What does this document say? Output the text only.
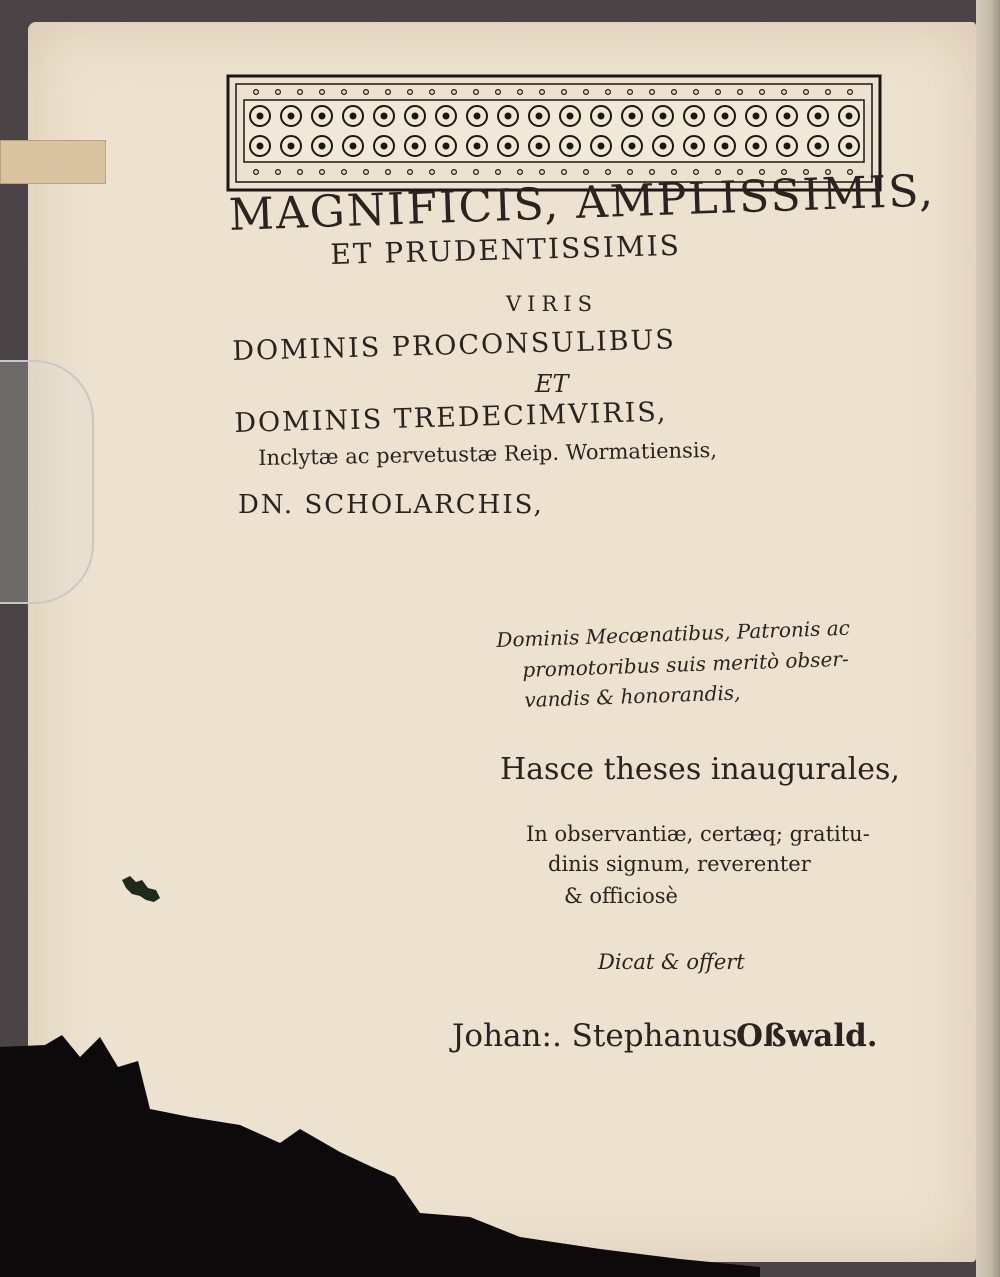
MAGNIFICIS, AMPLISSIMIS,
ET PRUDENTISSIMIS
VIRIS
DOMINIS PROCONSULIBUS
ET
DOMINIS TREDECIMVIRIS,
Inclytæ ac pervetustæ Reip. Wormatiensis,
DN. SCHOLARCHIS,
Dominis Mecœnatibus, Patronis ac
promotoribus suis meritò obser-
vandis & honorandis,
Hasce theses inaugurales,
In observantiæ, certæq; gratitu-
dinis signum, reverenter
& officiosè
Dicat & offert
Johan:. Stephanus
Oßwald.
